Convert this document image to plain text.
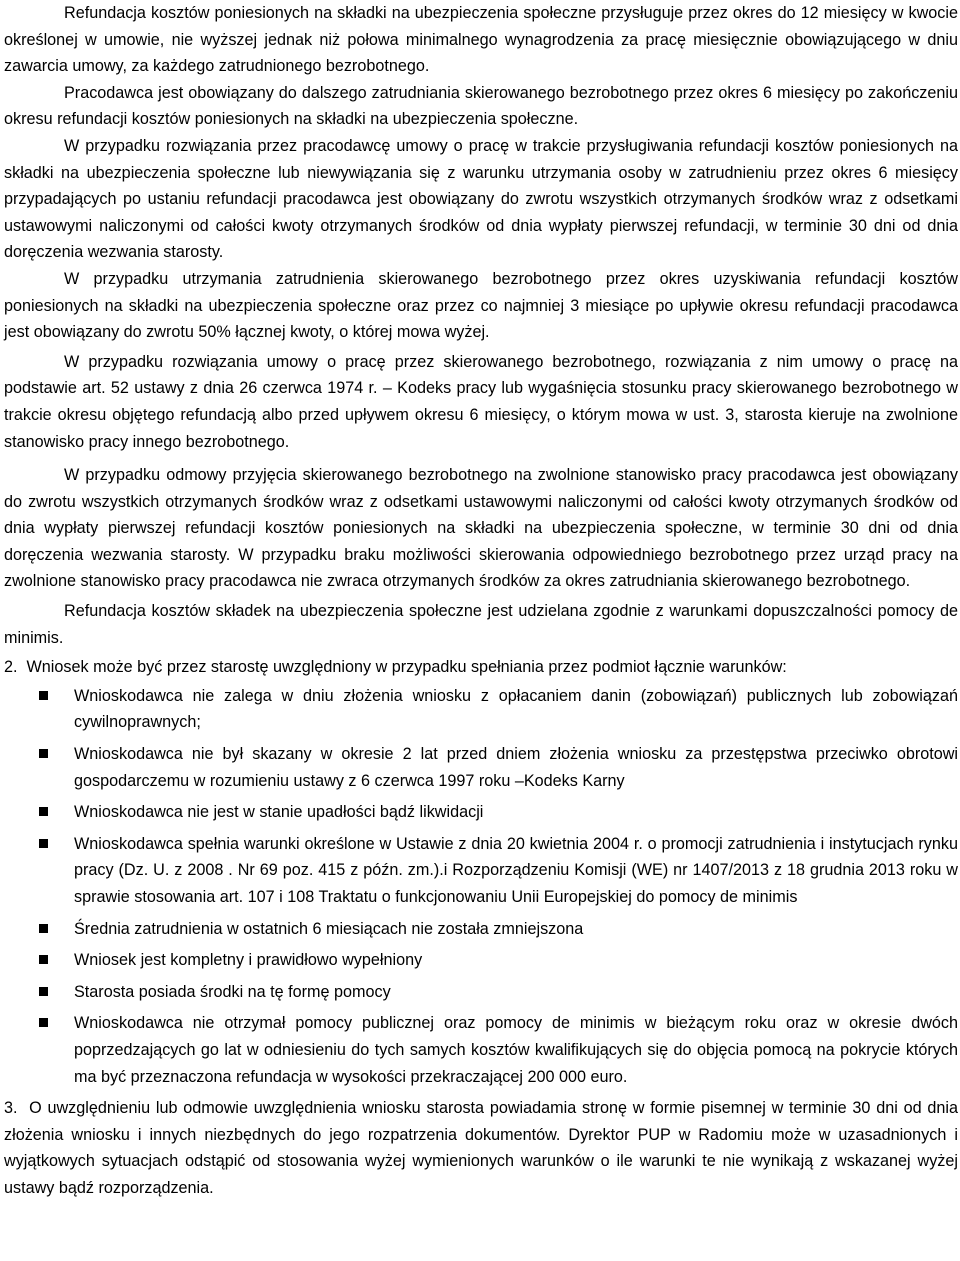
Refundacja kosztów poniesionych na składki na ubezpieczenia społeczne przysługuje przez okres do 12 miesięcy w kwocie określonej w umowie, nie wyższej jednak niż połowa minimalnego wynagrodzenia za pracę miesięcznie obowiązującego w dniu zawarcia umowy, za każdego zatrudnionego bezrobotnego.

Pracodawca jest obowiązany do dalszego zatrudniania skierowanego bezrobotnego przez okres 6 miesięcy po zakończeniu okresu refundacji kosztów poniesionych na składki na ubezpieczenia społeczne.

W przypadku rozwiązania przez pracodawcę umowy o pracę w trakcie przysługiwania refundacji kosztów poniesionych na składki na ubezpieczenia społeczne lub niewywiązania się z warunku utrzymania osoby w zatrudnieniu przez okres 6 miesięcy przypadających po ustaniu refundacji pracodawca jest obowiązany do zwrotu wszystkich otrzymanych środków wraz z odsetkami ustawowymi naliczonymi od całości kwoty otrzymanych środków od dnia wypłaty pierwszej refundacji, w terminie 30 dni od dnia doręczenia wezwania starosty.

W przypadku utrzymania zatrudnienia skierowanego bezrobotnego przez okres uzyskiwania refundacji kosztów poniesionych na składki na ubezpieczenia społeczne oraz przez co najmniej 3 miesiące po upływie okresu refundacji pracodawca jest obowiązany do zwrotu 50% łącznej kwoty, o której mowa wyżej.

W przypadku rozwiązania umowy o pracę przez skierowanego bezrobotnego, rozwiązania z nim umowy o pracę na podstawie art. 52 ustawy z dnia 26 czerwca 1974 r. – Kodeks pracy lub wygaśnięcia stosunku pracy skierowanego bezrobotnego w trakcie okresu objętego refundacją albo przed upływem okresu 6 miesięcy, o którym mowa w ust. 3, starosta kieruje na zwolnione stanowisko pracy innego bezrobotnego.

W przypadku odmowy przyjęcia skierowanego bezrobotnego na zwolnione stanowisko pracy pracodawca jest obowiązany do zwrotu wszystkich otrzymanych środków wraz z odsetkami ustawowymi naliczonymi od całości kwoty otrzymanych środków od dnia wypłaty pierwszej refundacji kosztów poniesionych na składki na ubezpieczenia społeczne, w terminie 30 dni od dnia doręczenia wezwania starosty. W przypadku braku możliwości skierowania odpowiedniego bezrobotnego przez urząd pracy na zwolnione stanowisko pracy pracodawca nie zwraca otrzymanych środków za okres zatrudniania skierowanego bezrobotnego.

Refundacja kosztów składek na ubezpieczenia społeczne jest udzielana zgodnie z warunkami dopuszczalności pomocy de minimis.

2. Wniosek może być przez starostę uwzględniony w przypadku spełniania przez podmiot łącznie warunków:

Wnioskodawca nie zalega w dniu złożenia wniosku z opłacaniem danin (zobowiązań) publicznych lub zobowiązań cywilnoprawnych;
Wnioskodawca nie był skazany w okresie 2 lat przed dniem złożenia wniosku za przestępstwa przeciwko obrotowi gospodarczemu w rozumieniu ustawy z 6 czerwca 1997 roku –Kodeks Karny
Wnioskodawca nie jest w stanie upadłości bądź likwidacji
Wnioskodawca spełnia warunki określone w Ustawie z dnia 20 kwietnia 2004 r. o promocji zatrudnienia i instytucjach rynku pracy (Dz. U. z 2008 . Nr 69 poz. 415 z późn. zm.).i Rozporządzeniu Komisji (WE) nr 1407/2013 z 18 grudnia 2013 roku w sprawie stosowania art. 107 i 108 Traktatu o funkcjonowaniu Unii Europejskiej do pomocy de minimis
Średnia zatrudnienia w ostatnich 6 miesiącach nie została zmniejszona
Wniosek jest kompletny i prawidłowo wypełniony
Starosta posiada środki na tę formę pomocy
Wnioskodawca nie otrzymał pomocy publicznej oraz pomocy de minimis w bieżącym roku oraz w okresie dwóch poprzedzających go lat w odniesieniu do tych samych kosztów kwalifikujących się do objęcia pomocą na pokrycie których ma być przeznaczona refundacja w wysokości przekraczającej 200 000 euro.

3. O uwzględnieniu lub odmowie uwzględnienia wniosku starosta powiadamia stronę w formie pisemnej w terminie 30 dni od dnia złożenia wniosku i innych niezbędnych do jego rozpatrzenia dokumentów. Dyrektor PUP w Radomiu może w uzasadnionych i wyjątkowych sytuacjach odstąpić od stosowania wyżej wymienionych warunków o ile warunki te nie wynikają z wskazanej wyżej ustawy bądź rozporządzenia.
